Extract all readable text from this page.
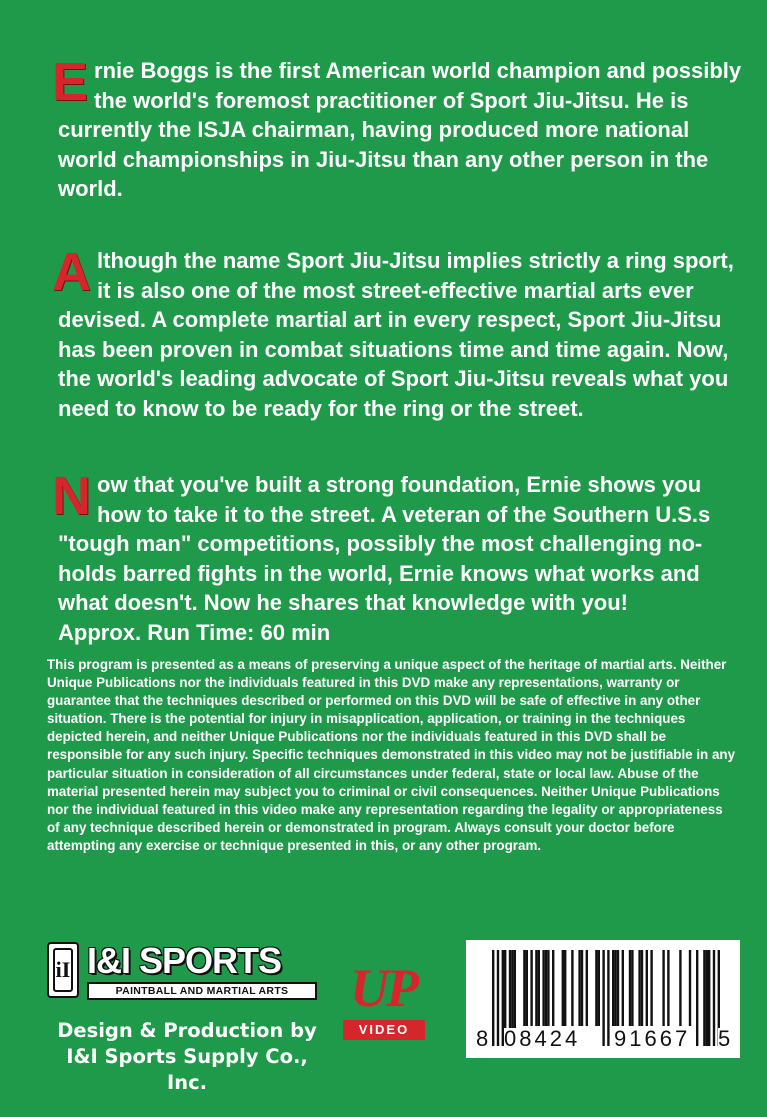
Ernie Boggs is the first American world champion and possibly the world's foremost practitioner of Sport Jiu-Jitsu. He is currently the ISJA chairman, having produced more national world championships in Jiu-Jitsu than any other person in the world.

Although the name Sport Jiu-Jitsu implies strictly a ring sport, it is also one of the most street-effective martial arts ever devised. A complete martial art in every respect, Sport Jiu-Jitsu has been proven in combat situations time and time again. Now, the world's leading advocate of Sport Jiu-Jitsu reveals what you need to know to be ready for the ring or the street.

Now that you've built a strong foundation, Ernie shows you how to take it to the street. A veteran of the Southern U.S.s "tough man" competitions, possibly the most challenging no-holds barred fights in the world, Ernie knows what works and what doesn't. Now he shares that knowledge with you!
Approx. Run Time: 60 min

This program is presented as a means of preserving a unique aspect of the heritage of martial arts. Neither Unique Publications nor the individuals featured in this DVD make any representations, warranty or guarantee that the techniques described or performed on this DVD will be safe of effective in any other situation. There is the potential for injury in misapplication, application, or training in the techniques depicted herein, and neither Unique Publications nor the individuals featured in this DVD shall be responsible for any such injury. Specific techniques demonstrated in this video may not be justifiable in any particular situation in consideration of all circumstances under federal, state or local law. Abuse of the material presented herein may subject you to criminal or civil consequences. Neither Unique Publications nor the individual featured in this video make any representation regarding the legality or appropriateness of any technique described herein or demonstrated in program. Always consult your doctor before attempting any exercise or technique presented in this, or any other program.

iI I&I SPORTS
PAINTBALL AND MARTIAL ARTS
Design & Production by
I&I Sports Supply Co., Inc.
UP
VIDEO	8 08424 91667 5
